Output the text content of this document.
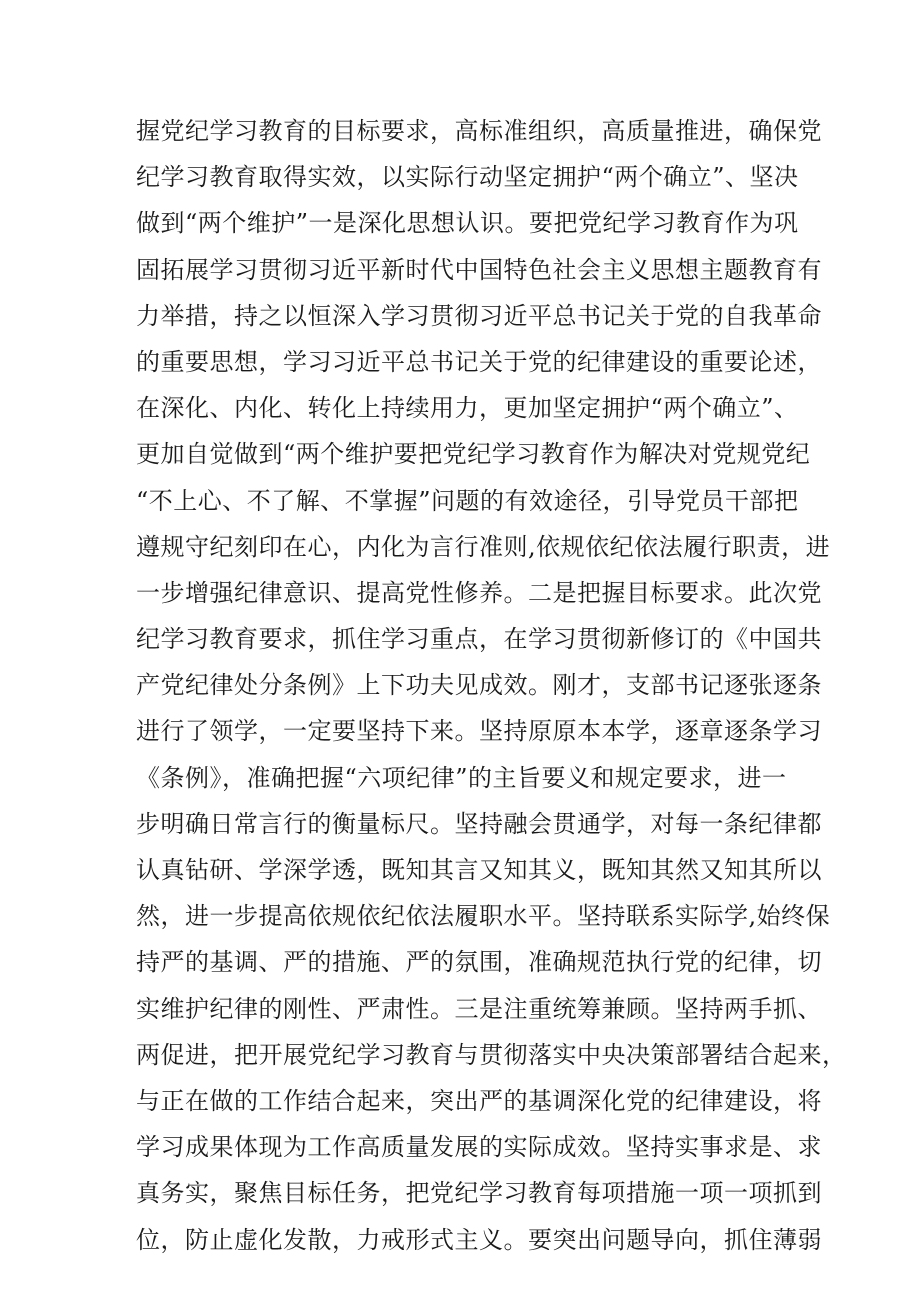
握党纪学习教育的目标要求，高标准组织，高质量推进，确保党
纪学习教育取得实效，以实际行动坚定拥护“两个确立”、坚决
做到“两个维护”一是深化思想认识。要把党纪学习教育作为巩
固拓展学习贯彻习近平新时代中国特色社会主义思想主题教育有
力举措，持之以恒深入学习贯彻习近平总书记关于党的自我革命
的重要思想，学习习近平总书记关于党的纪律建设的重要论述，
在深化、内化、转化上持续用力，更加坚定拥护“两个确立”、
更加自觉做到“两个维护要把党纪学习教育作为解决对党规党纪
“不上心、不了解、不掌握”问题的有效途径，引导党员干部把
遵规守纪刻印在心，内化为言行准则,依规依纪依法履行职责，进
一步增强纪律意识、提高党性修养。二是把握目标要求。此次党
纪学习教育要求，抓住学习重点，在学习贯彻新修订的《中国共
产党纪律处分条例》上下功夫见成效。刚才，支部书记逐张逐条
进行了领学，一定要坚持下来。坚持原原本本学，逐章逐条学习
《条例》，准确把握“六项纪律”的主旨要义和规定要求，进一
步明确日常言行的衡量标尺。坚持融会贯通学，对每一条纪律都
认真钻研、学深学透，既知其言又知其义，既知其然又知其所以
然，进一步提高依规依纪依法履职水平。坚持联系实际学,始终保
持严的基调、严的措施、严的氛围，准确规范执行党的纪律，切
实维护纪律的刚性、严肃性。三是注重统筹兼顾。坚持两手抓、
两促进，把开展党纪学习教育与贯彻落实中央决策部署结合起来，
与正在做的工作结合起来，突出严的基调深化党的纪律建设，将
学习成果体现为工作高质量发展的实际成效。坚持实事求是、求
真务实，聚焦目标任务，把党纪学习教育每项措施一项一项抓到
位，防止虚化发散，力戒形式主义。要突出问题导向，抓住薄弱
